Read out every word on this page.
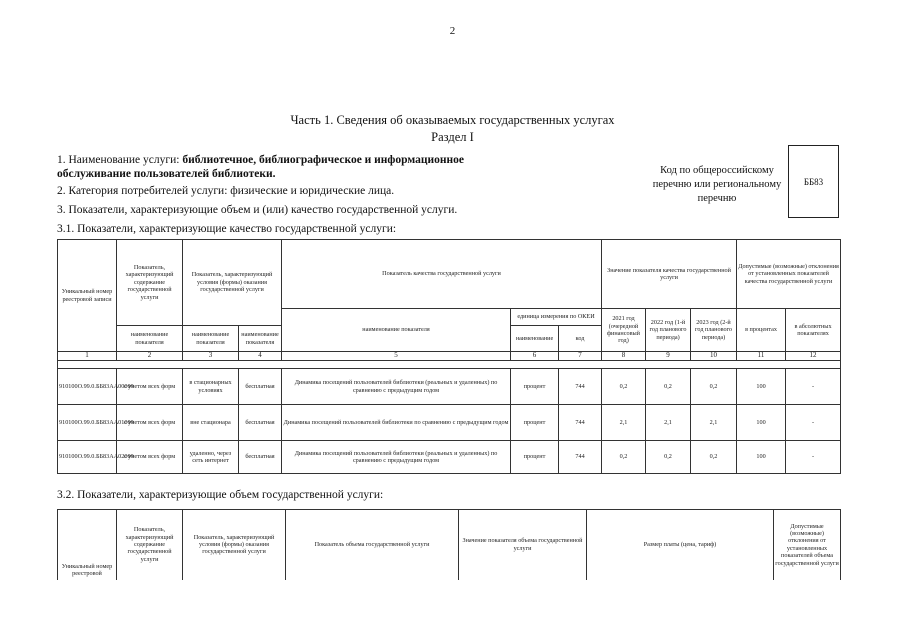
2
Часть 1. Сведения об оказываемых государственных услугах
Раздел I
1. Наименование услуги: библиотечное, библиографическое и информационное
обслуживание пользователей библиотеки.
2. Категория потребителей услуги: физические и юридические лица.
3. Показатели, характеризующие объем и (или) качество государственной услуги.
3.1. Показатели, характеризующие качество государственной услуги:
Код по общероссийскому перечню или региональному перечню
ББ83
Уникальный номер реестровой записи	Показатель, характеризующий содержание государственной услуги	Показатель, характеризующий условия (формы) оказания государственной услуги		Показатель качества государственной услуги			Значение показателя качества государственной услуги			Допустимые (возможные) отклонения от установленных показателей качества государственной услуги	
				наименование показателя	единица измерения по ОКЕИ		2021 год (очередной финансовый год)	2022 год (1-й год планового периода)	2023 год (2-й год планового периода)	в процентах	в абсолютных показателях
	наименование показателя	наименование показателя	наименование показателя		наименование	код					
1	2	3	4	5	6	7	8	9	10	11	12

910100О.99.0.ББ83АА00000	с учетом всех форм	в стационарных условиях	бесплатная	Динамика посещений пользователей библиотеки (реальных и удаленных) по сравнению с предыдущим годом	процент	744	0,2	0,2	0,2	100	-
910100О.99.0.ББ83АА01000	с учетом всех форм	вне стационара	бесплатная	Динамика посещений пользователей библиотеки по сравнению с предыдущим годом	процент	744	2,1	2,1	2,1	100	-
910100О.99.0.ББ83АА02000	с учетом всех форм	удаленно, через сеть интернет	бесплатная	Динамика посещений пользователей библиотеки (реальных и удаленных) по сравнению с предыдущим годом	процент	744	0,2	0,2	0,2	100	-
3.2. Показатели, характеризующие объем государственной услуги:
Уникальный номер реестровой	Показатель, характеризующий содержание государственной услуги	Показатель, характеризующий условия (формы) оказания государственной услуги	Показатель объема государственной услуги	Значение показателя объема государственной услуги	Размер платы (цена, тариф)	Допустимые (возможные) отклонения от установленных показателей объема государственной услуги
